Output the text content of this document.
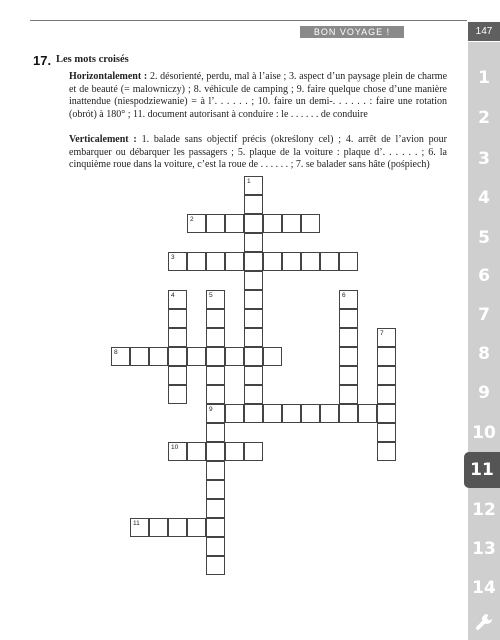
BON VOYAGE !	147
1
2
3
4
5
6
7
8
9
10
11
12
13
14
17. Les mots croisés
Horizontalement : 2. désorienté, perdu, mal à l’aise ; 3. aspect d’un paysage plein de charme et de beauté (= malowniczy) ; 8. véhicule de camping ; 9. faire quelque chose d’une manière inattendue (niespodziewanie) = à l’. . . . . . ; 10. faire un demi-. . . . . . : faire une rotation (obrót) à 180° ; 11. document autorisant à conduire : le . . . . . . de conduire
Verticalement : 1. balade sans objectif précis (określony cel) ; 4. arrêt de l’avion pour embarquer ou débarquer les passagers ; 5. plaque de la voiture : plaque d’. . . . . . ; 6. la cinquième roue dans la voiture, c’est la roue de . . . . . . ; 7. se balader sans hâte (pośpiech)
1
2
3
4	5
9
6
7
8
10
11
